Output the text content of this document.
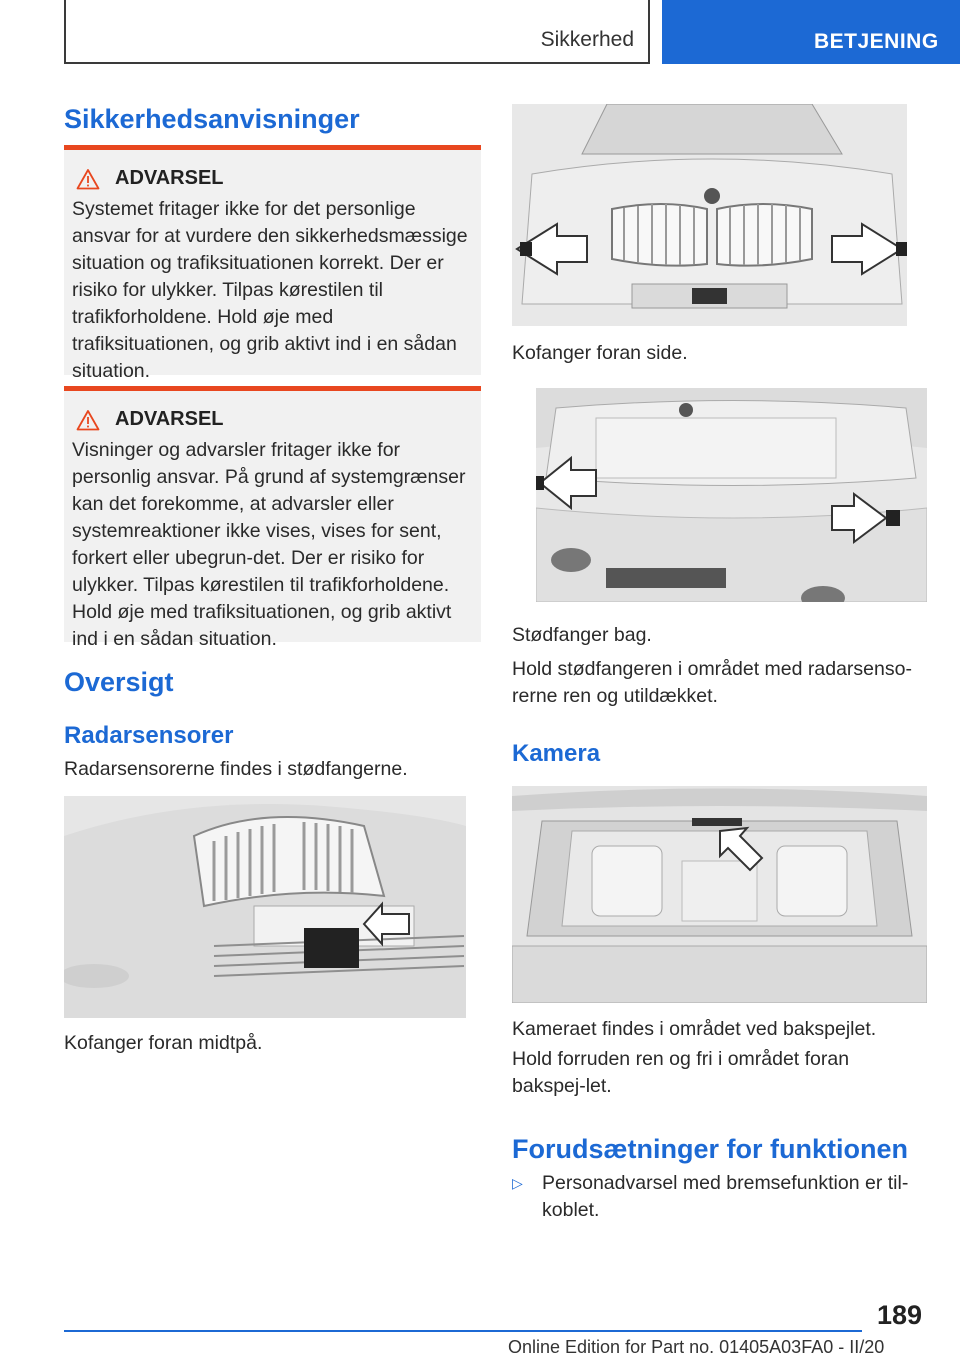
Sikkerhed	BETJENING
Sikkerhedsanvisninger
ADVARSEL
Systemet fritager ikke for det personlige ansvar for at vurdere den sikkerhedsmæssige situation og trafiksituationen korrekt. Der er risiko for ulykker. Tilpas kørestilen til trafikforholdene. Hold øje med trafiksituationen, og grib aktivt ind i en sådan situation.
ADVARSEL
Visninger og advarsler fritager ikke for personlig ansvar. På grund af systemgrænser kan det forekomme, at advarsler eller systemreaktioner ikke vises, vises for sent, forkert eller ubegrun-det. Der er risiko for ulykker. Tilpas kørestilen til trafikforholdene. Hold øje med trafiksituationen, og grib aktivt ind i en sådan situation.
Oversigt
Radarsensorer
Radarsensorerne findes i stødfangerne.
Kofanger foran midtpå.
Kofanger foran side.
Stødfanger bag.
Hold stødfangeren i området med radarsenso-rerne ren og utildækket.
Kamera
Kameraet findes i området ved bakspejlet.
Hold forruden ren og fri i området foran bakspej-let.
Forudsætninger for funktionen
▷ Personadvarsel med bremsefunktion er til-koblet.
189
Online Edition for Part no. 01405A03FA0 - II/20
